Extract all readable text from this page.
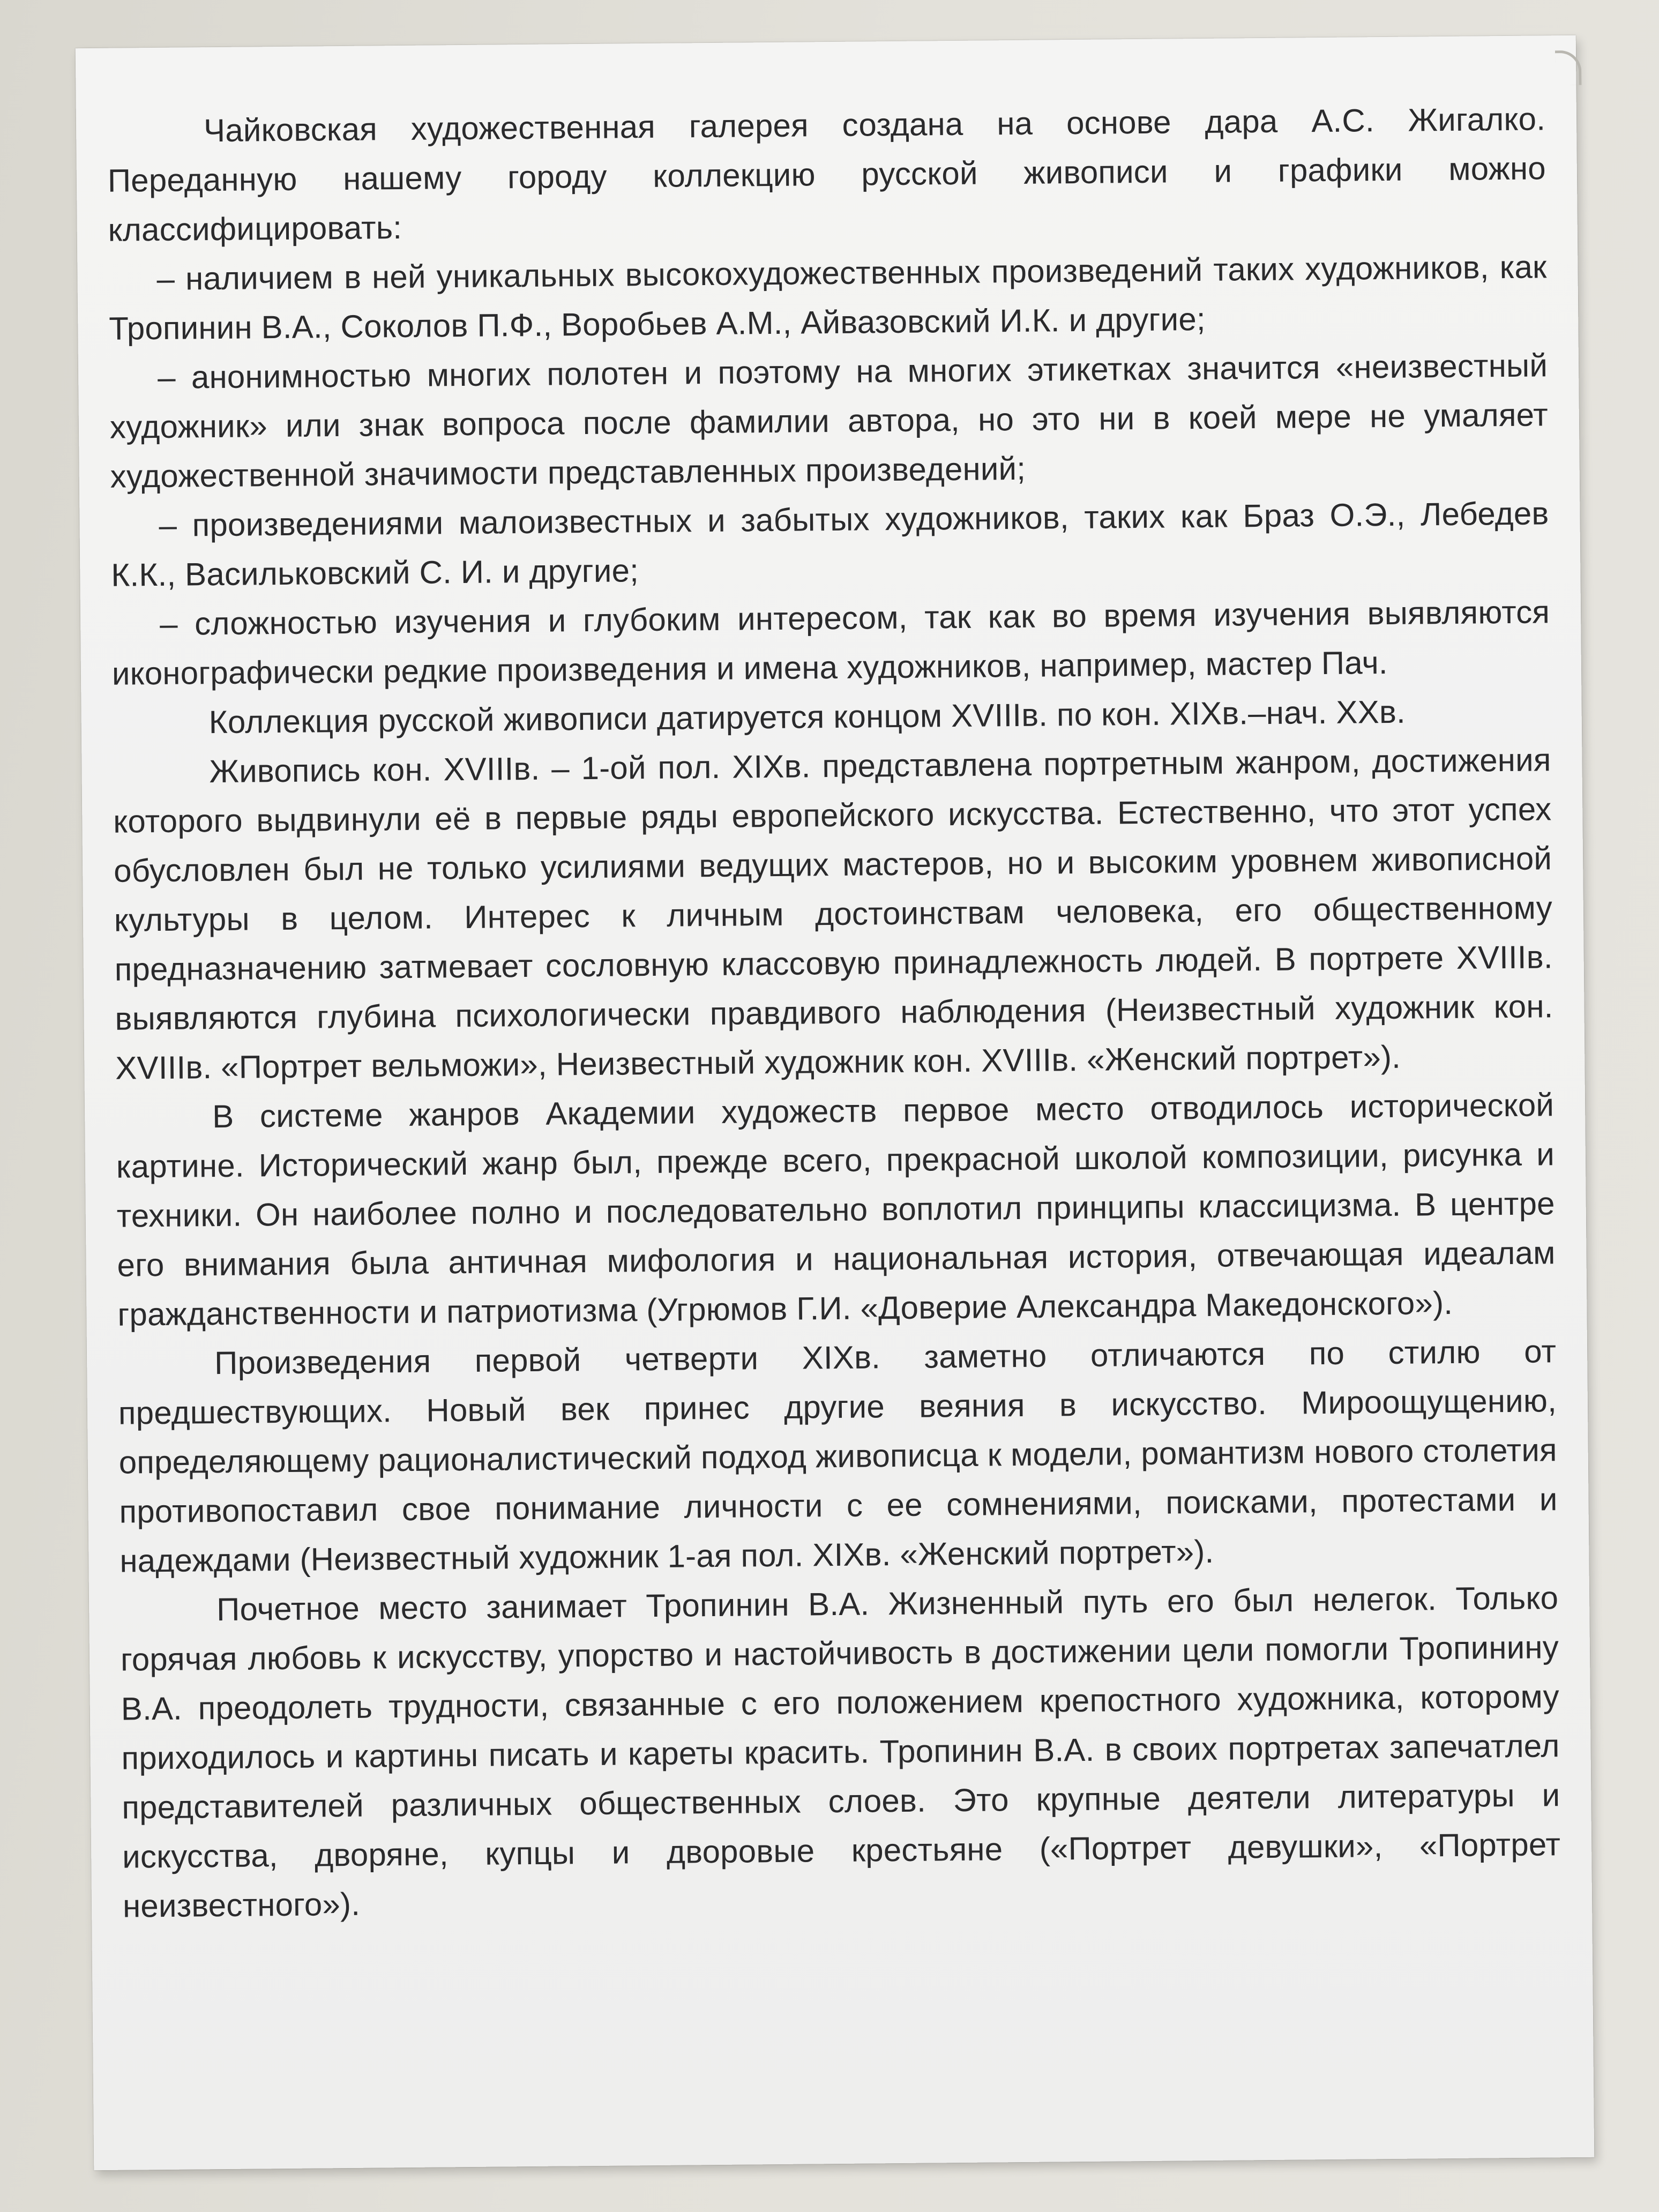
Чайковская художественная галерея создана на основе дара А.С. Жигалко. Переданную нашему городу коллекцию русской живописи и графики можно классифицировать:

– наличием в ней уникальных высокохудожественных произведений таких художников, как Тропинин В.А., Соколов П.Ф., Воробьев А.М., Айвазовский И.К. и другие;

– анонимностью многих полотен и поэтому на многих этикетках значится «неизвестный художник» или знак вопроса после фамилии автора, но это ни в коей мере не умаляет художественной значимости представленных произведений;

– произведениями малоизвестных и забытых художников, таких как Браз О.Э., Лебедев К.К., Васильковский С. И. и другие;

– сложностью изучения и глубоким интересом, так как во время изучения выявляются иконографически редкие произведения и имена художников, например, мастер Пач.

Коллекция русской живописи датируется концом XVIIIв. по кон. XIXв.–нач. XXв.

Живопись кон. XVIIIв. – 1-ой пол. XIXв. представлена портретным жанром, достижения которого выдвинули её в первые ряды европейского искусства. Естественно, что этот успех обусловлен был не только усилиями ведущих мастеров, но и высоким уровнем живописной культуры в целом. Интерес к личным достоинствам человека, его общественному предназначению затмевает сословную классовую принадлежность людей. В портрете XVIIIв. выявляются глубина психологически правдивого наблюдения (Неизвестный художник кон. XVIIIв. «Портрет вельможи», Неизвестный художник кон. XVIIIв. «Женский портрет»).

В системе жанров Академии художеств первое место отводилось исторической картине. Исторический жанр был, прежде всего, прекрасной школой композиции, рисунка и техники. Он наиболее полно и последовательно воплотил принципы классицизма. В центре его внимания была античная мифология и национальная история, отвечающая идеалам гражданственности и патриотизма (Угрюмов Г.И. «Доверие Александра Македонского»).

Произведения первой четверти XIXв. заметно отличаются по стилю от предшествующих. Новый век принес другие веяния в искусство. Мироощущению, определяющему рационалистический подход живописца к модели, романтизм нового столетия противопоставил свое понимание личности с ее сомнениями, поисками, протестами и надеждами (Неизвестный художник 1-ая пол. XIXв. «Женский портрет»).

Почетное место занимает Тропинин В.А. Жизненный путь его был нелегок. Только горячая любовь к искусству, упорство и настойчивость в достижении цели помогли Тропинину В.А. преодолеть трудности, связанные с его положением крепостного художника, которому приходилось и картины писать и кареты красить. Тропинин В.А. в своих портретах запечатлел представителей различных общественных слоев. Это крупные деятели литературы и искусства, дворяне, купцы и дворовые крестьяне («Портрет девушки», «Портрет неизвестного»).
